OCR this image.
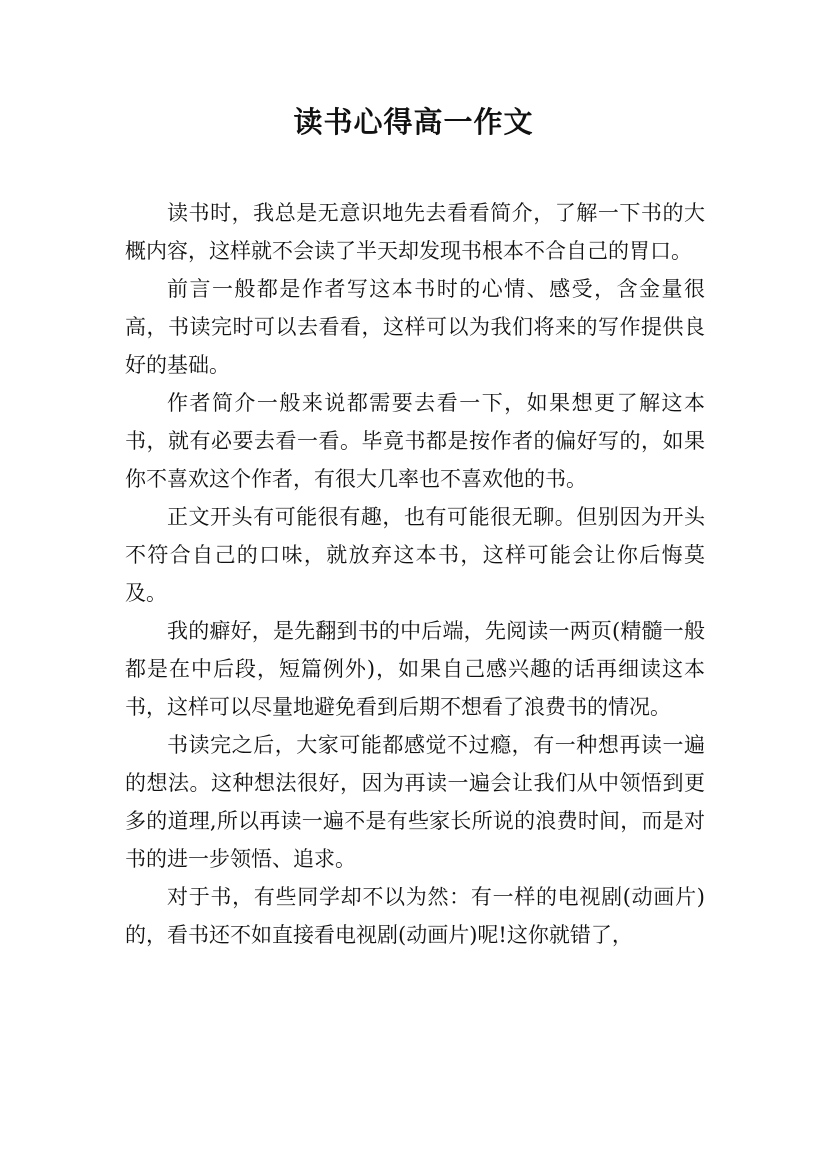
读书心得高一作文

读书时，我总是无意识地先去看看简介，了解一下书的大概内容，这样就不会读了半天却发现书根本不合自己的胃口。

前言一般都是作者写这本书时的心情、感受，含金量很高，书读完时可以去看看，这样可以为我们将来的写作提供良好的基础。

作者简介一般来说都需要去看一下，如果想更了解这本书，就有必要去看一看。毕竟书都是按作者的偏好写的，如果你不喜欢这个作者，有很大几率也不喜欢他的书。

正文开头有可能很有趣，也有可能很无聊。但别因为开头不符合自己的口味，就放弃这本书，这样可能会让你后悔莫及。

我的癖好，是先翻到书的中后端，先阅读一两页(精髓一般都是在中后段，短篇例外)，如果自己感兴趣的话再细读这本书，这样可以尽量地避免看到后期不想看了浪费书的情况。

书读完之后，大家可能都感觉不过瘾，有一种想再读一遍的想法。这种想法很好，因为再读一遍会让我们从中领悟到更多的道理,所以再读一遍不是有些家长所说的浪费时间，而是对书的进一步领悟、追求。

对于书，有些同学却不以为然：有一样的电视剧(动画片)的，看书还不如直接看电视剧(动画片)呢!这你就错了，
